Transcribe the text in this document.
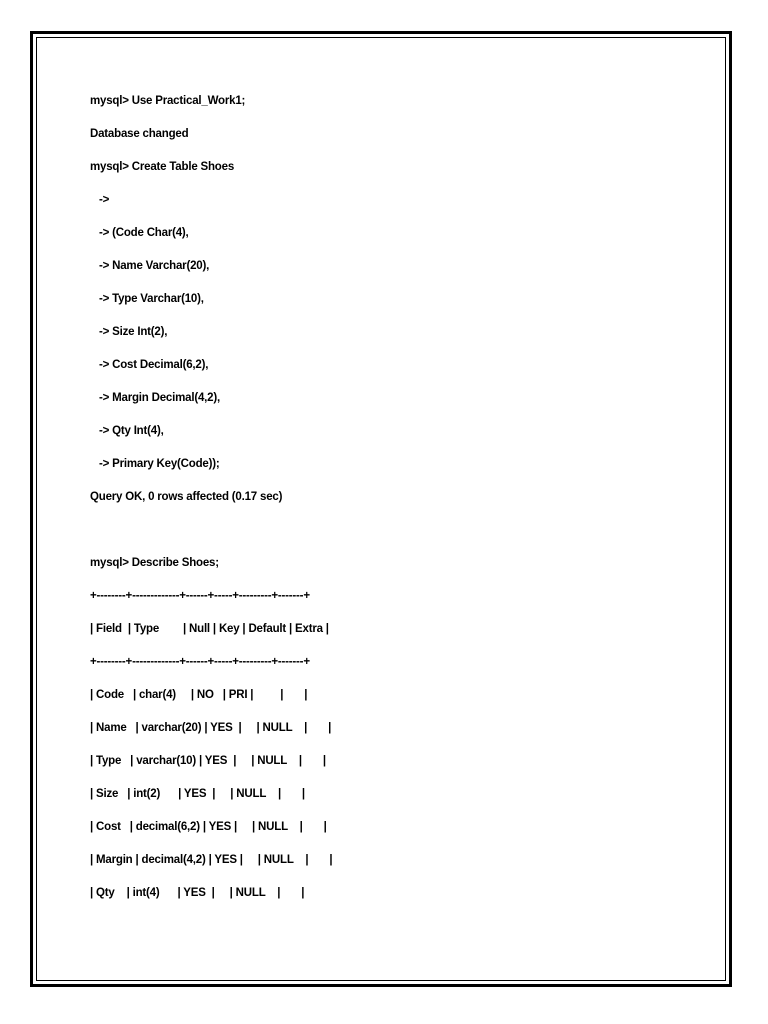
mysql> Use Practical_Work1;
Database changed
mysql> Create Table Shoes
->
-> (Code Char(4),
-> Name Varchar(20),
-> Type Varchar(10),
-> Size Int(2),
-> Cost Decimal(6,2),
-> Margin Decimal(4,2),
-> Qty Int(4),
-> Primary Key(Code));
Query OK, 0 rows affected (0.17 sec)
mysql> Describe Shoes;
+--------+-------------+------+-----+---------+-------+
| Field  | Type        | Null | Key | Default | Extra |
+--------+-------------+------+-----+---------+-------+
| Code   | char(4)     | NO   | PRI |         |       |
| Name   | varchar(20) | YES  |     | NULL    |       |
| Type   | varchar(10) | YES  |     | NULL    |       |
| Size   | int(2)      | YES  |     | NULL    |       |
| Cost   | decimal(6,2) | YES |     | NULL    |       |
| Margin | decimal(4,2) | YES |     | NULL    |       |
| Qty    | int(4)      | YES  |     | NULL    |       |
